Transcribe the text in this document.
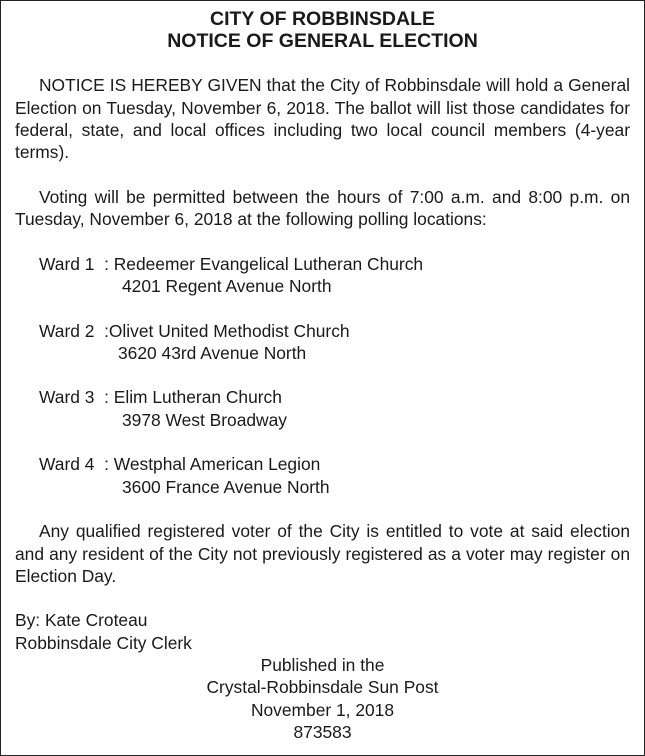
CITY OF ROBBINSDALE

NOTICE OF GENERAL ELECTION

NOTICE IS HEREBY GIVEN that the City of Robbinsdale will hold a General Election on Tuesday, November 6, 2018. The ballot will list those candidates for federal, state, and local offices including two local council members (4-year terms).

Voting will be permitted between the hours of 7:00 a.m. and 8:00 p.m. on Tuesday, November 6, 2018 at the following polling locations:

Ward 1  : Redeemer Evangelical Lutheran Church

4201 Regent Avenue North

Ward 2  : Olivet United Methodist Church

3620 43rd Avenue North

Ward 3  : Elim Lutheran Church

3978 West Broadway

Ward 4  : Westphal American Legion

3600 France Avenue North

Any qualified registered voter of the City is entitled to vote at said election and any resident of the City not previously registered as a voter may register on Election Day.

By: Kate Croteau

Robbinsdale City Clerk

Published in the

Crystal-Robbinsdale Sun Post

November 1, 2018

873583
